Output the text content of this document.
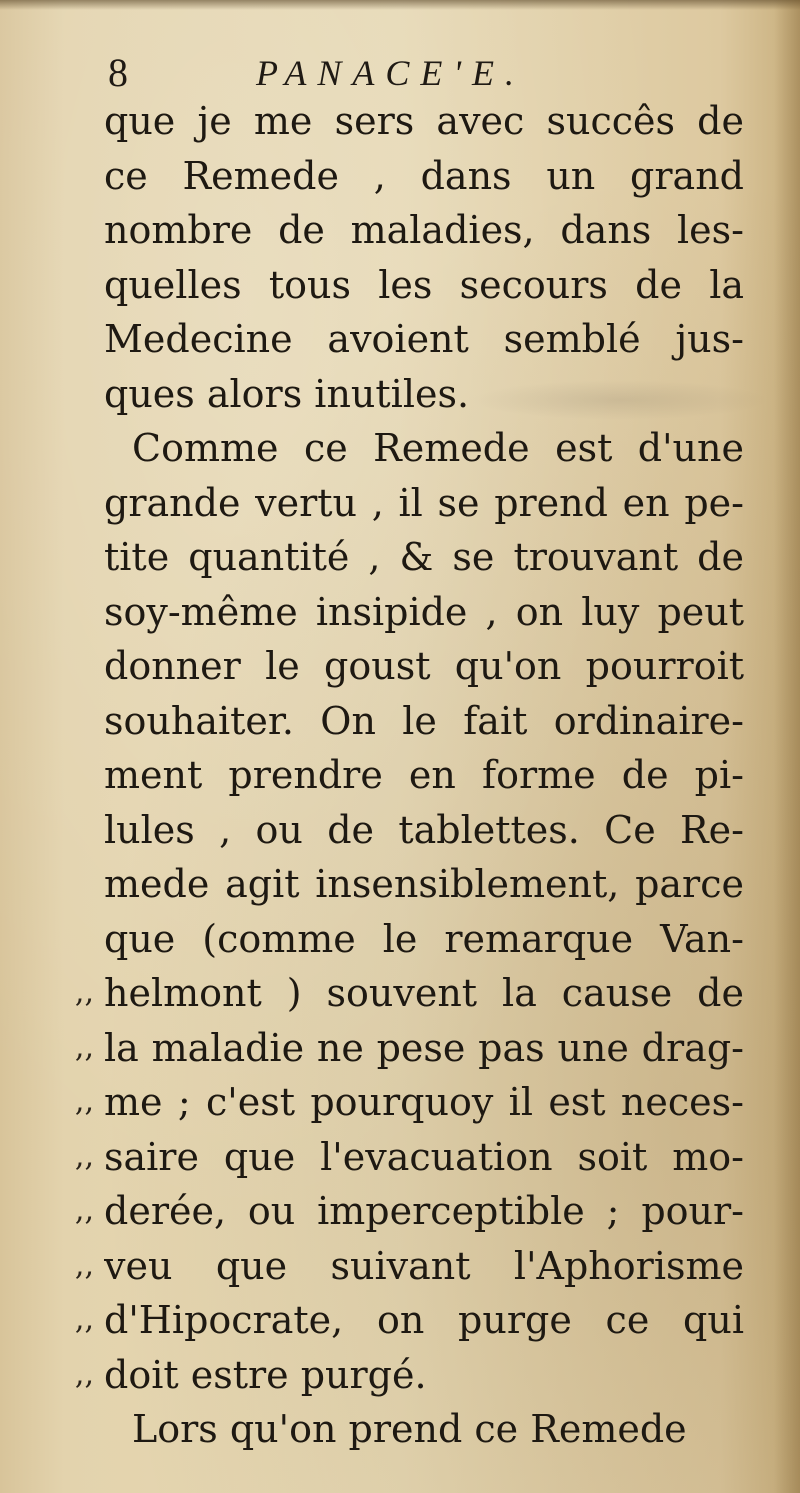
8	PANACE'E.
,,
,,
,,
,,
,,
,,
,,
,,
que je me sers avec succês de
ce Remede , dans un grand
nombre de maladies, dans les-
quelles tous les secours de la
Medecine avoient semblé jus-
ques alors inutiles.
Comme ce Remede est d'une
grande vertu , il se prend en pe-
tite quantité , & se trouvant de
soy-même insipide , on luy peut
donner le goust qu'on pourroit
souhaiter. On le fait ordinaire-
ment prendre en forme de pi-
lules , ou de tablettes. Ce Re-
mede agit insensiblement, parce
que (comme le remarque Van-
helmont ) souvent la cause de
la maladie ne pese pas une drag-
me ; c'est pourquoy il est neces-
saire que l'evacuation soit mo-
derée, ou imperceptible ; pour-
veu que suivant l'Aphorisme
d'Hipocrate, on purge ce qui
doit estre purgé.
Lors qu'on prend ce Remede
